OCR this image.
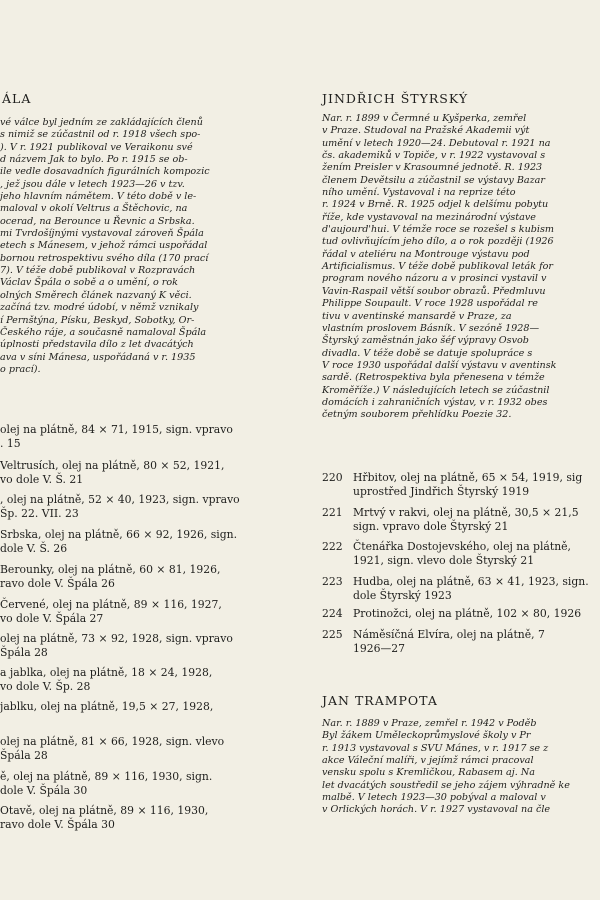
ÁLA
vé válce byl jedním ze zakládajících členů
s nimiž se zúčastnil od r. 1918 všech spo-
). V r. 1921 publikoval ve Veraikonu své
d názvem Jak to bylo. Po r. 1915 se ob-
ile vedle dosavadních figurálních kompozic
, jež jsou dále v letech 1923—26 v tzv.
jeho hlavním námětem. V této době v le-
maloval v okolí Veltrus a Štěchovic, na
ocerad, na Berounce u Řevnic a Srbska.
mi Tvrdošíjnými vystavoval zároveň Špála
etech s Mánesem, v jehož rámci uspořádal
bornou retrospektivu svého díla (170 prací
7). V téže době publikoval v Rozpravách
Václav Špála o sobě a o umění, o rok
olných Směrech článek nazvaný K věci.
začíná tzv. modré údobí, v němž vznikaly
í Pernštýna, Písku, Beskyd, Sobotky, Or-
Českého ráje, a současně namaloval Špála
úplnosti představila dílo z let dvacátých
ava v síni Mánesa, uspořádaná v r. 1935
o prací).
olej na plátně, 84 × 71, 1915, sign. vpravo
. 15
Veltrusích, olej na plátně, 80 × 52, 1921,
vo dole V. Š. 21
, olej na plátně, 52 × 40, 1923, sign. vpravo
Šp. 22. VII. 23
Srbska, olej na plátně, 66 × 92, 1926, sign.
dole V. Š. 26
Berounky, olej na plátně, 60 × 81, 1926,
ravo dole V. Špála 26
Červené, olej na plátně, 89 × 116, 1927,
vo dole V. Špála 27
olej na plátně, 73 × 92, 1928, sign. vpravo
Špála 28
a jablka, olej na plátně, 18 × 24, 1928,
vo dole V. Šp. 28
jablku, olej na plátně, 19,5 × 27, 1928,
olej na plátně, 81 × 66, 1928, sign. vlevo
Špála 28
ě, olej na plátně, 89 × 116, 1930, sign.
dole V. Špála 30
Otavě, olej na plátně, 89 × 116, 1930,
ravo dole V. Špála 30
JINDŘICH ŠTYRSKÝ
Nar. r. 1899 v Čermné u Kyšperka, zemřel
v Praze. Studoval na Pražské Akademii výt
umění v letech 1920—24. Debutoval r. 1921 na
čs. akademiků v Topiče, v r. 1922 vystavoval s
žením Preisler v Krasoumné jednotě. R. 1923
členem Devětsilu a zúčastnil se výstavy Bazar
ního umění. Vystavoval i na reprize této
r. 1924 v Brně. R. 1925 odjel k delšímu pobytu
říže, kde vystavoval na mezinárodní výstave
d'aujourd'hui. V témže roce se rozešel s kubism
tud ovlivňujícím jeho dílo, a o rok později (1926
řádal v ateliéru na Montrouge výstavu pod
Artificialismus. V téže době publikoval leták for
program nového názoru a v prosinci vystavil v
Vavin-Raspail větší soubor obrazů. Předmluvu
Philippe Soupault. V roce 1928 uspořádal re
tivu v aventinské mansardě v Praze, za
vlastním proslovem Básník. V sezóně 1928—
Štyrský zaměstnán jako šéf výpravy Osvob
divadla. V téže době se datuje spolupráce s
V roce 1930 uspořádal další výstavu v aventinsk
sardě. (Retrospektiva byla přenesena v témže
Kroměříže.) V následujících letech se zúčastnil
domácích i zahraničních výstav, v r. 1932 obes
četným souborem přehlídku Poezie 32.
220 Hřbitov, olej na plátně, 65 × 54, 1919, sig
uprostřed Jindřich Štyrský 1919
221 Mrtvý v rakvi, olej na plátně, 30,5 × 21,5
sign. vpravo dole Štyrský 21
222 Čtenářka Dostojevského, olej na plátně,
1921, sign. vlevo dole Štyrský 21
223 Hudba, olej na plátně, 63 × 41, 1923, sign.
dole Štyrský 1923
224 Protinožci, olej na plátně, 102 × 80, 1926
225 Náměsíčná Elvíra, olej na plátně, 7
1926—27
JAN TRAMPOTA
Nar. r. 1889 v Praze, zemřel r. 1942 v Poděb
Byl žákem Uměleckoprůmyslové školy v Pr
r. 1913 vystavoval s SVU Mánes, v r. 1917 se z
akce Váleční malíři, v jejímž rámci pracoval
vensku spolu s Kremličkou, Rabasem aj. Na
let dvacátých soustředil se jeho zájem výhradně ke
malbě. V letech 1923—30 pobýval a maloval v
v Orlických horách. V r. 1927 vystavoval na čle
